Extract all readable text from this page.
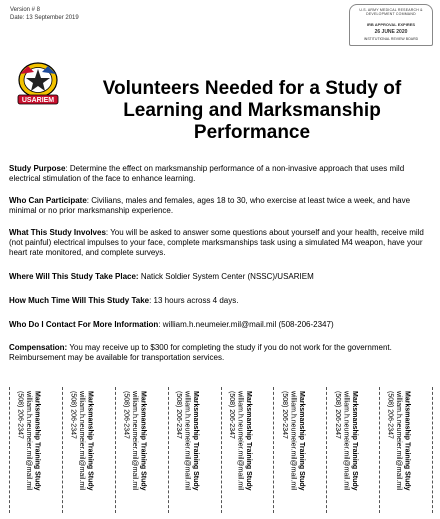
Version # 8
Date: 13 September 2019
U.S. ARMY MEDICAL RESEARCH & DEVELOPMENT COMMAND
IRB APPROVAL EXPIRES
26 JUNE 2020
INSTITUTIONAL REVIEW BOARD
USARIEM
Volunteers Needed for a Study of
Learning and Marksmanship Performance
Study Purpose: Determine the effect on marksmanship performance of a non-invasive approach that uses mild electrical stimulation of the face to enhance learning.
Who Can Participate: Civilians, males and females, ages 18 to 30, who exercise at least twice a week, and have minimal or no prior marksmanship experience.
What This Study Involves: You will be asked to answer some questions about yourself and your health, receive mild (not painful) electrical impulses to your face, complete marksmanships task using a simulated M4 weapon, have your heart rate monitored, and complete surveys.
Where Will This Study Take Place: Natick Soldier System Center (NSSC)/USARIEM
How Much Time Will This Study Take: 13 hours across 4 days.
Who Do I Contact For More Information: william.h.neumeier.mil@mail.mil (508-206-2347)
Compensation: You may receive up to $300 for completing the study if you do not work for the government. Reimbursement may be available for transportation services.
Marksmanship Training Study
william.h.neumeier.mil@mail.mil
(508) 206-2347	Marksmanship Training Study
william.h.neumeier.mil@mail.mil
(508) 206-2347	Marksmanship Training Study
william.h.neumeier.mil@mail.mil
(508) 206-2347	Marksmanship Training Study
william.h.neumeier.mil@mail.mil
(508) 206-2347	Marksmanship Training Study
william.h.neumeier.mil@mail.mil
(508) 206-2347	Marksmanship Training Study
william.h.neumeier.mil@mail.mil
(508) 206-2347	Marksmanship Training Study
william.h.neumeier.mil@mail.mil
(508) 206-2347	Marksmanship Training Study
william.h.neumeier.mil@mail.mil
(508) 206-2347
